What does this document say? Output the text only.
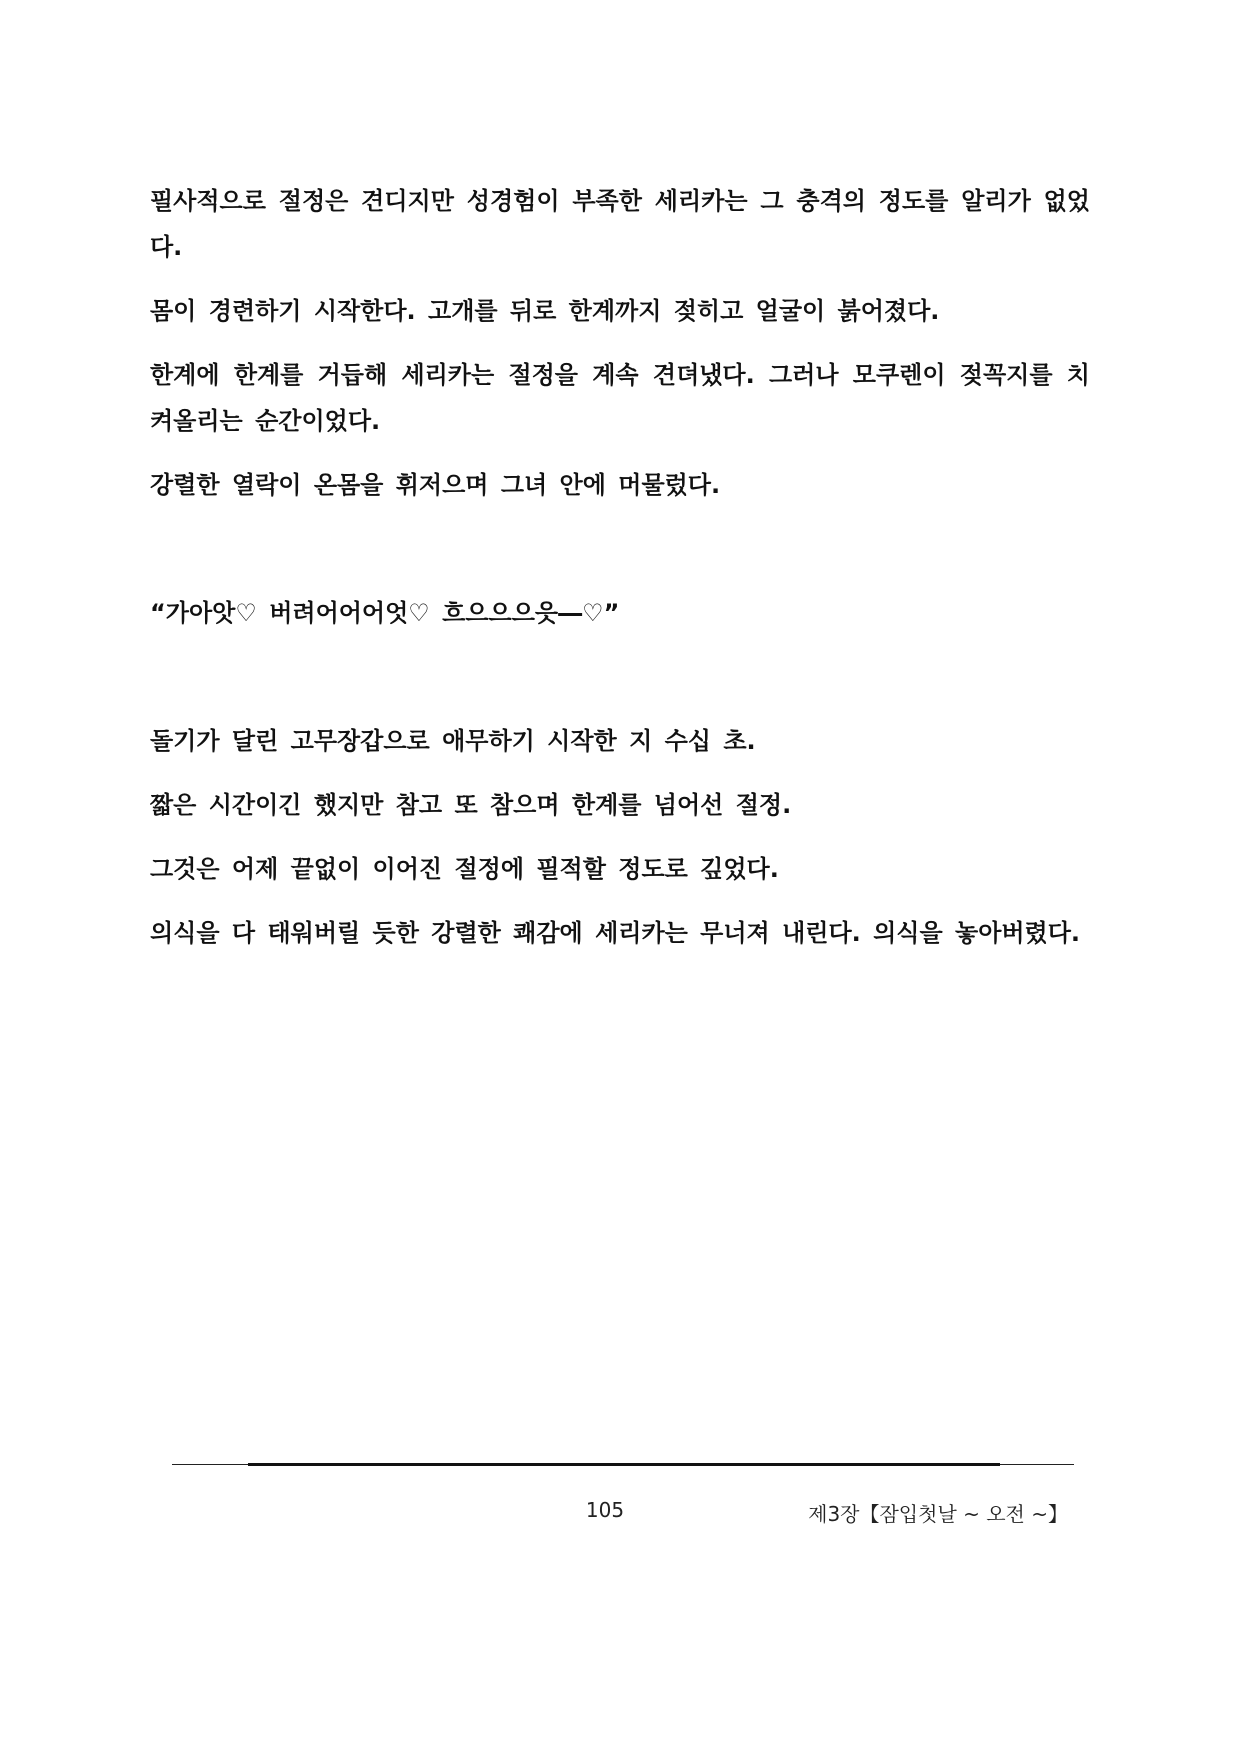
필사적으로 절정은 견디지만 성경험이 부족한 세리카는 그 충격의 정도를 알리가 없었다.

몸이 경련하기 시작한다. 고개를 뒤로 한계까지 젖히고 얼굴이 붉어졌다.

한계에 한계를 거듭해 세리카는 절정을 계속 견뎌냈다. 그러나 모쿠렌이 젖꼭지를 치켜올리는 순간이었다.

강렬한 열락이 온몸을 휘저으며 그녀 안에 머물렀다.

“가아앗♡ 버려어어어엇♡ 흐으으으읏―♡”

돌기가 달린 고무장갑으로 애무하기 시작한 지 수십 초.

짧은 시간이긴 했지만 참고 또 참으며 한계를 넘어선 절정.

그것은 어제 끝없이 이어진 절정에 필적할 정도로 깊었다.

의식을 다 태워버릴 듯한 강렬한 쾌감에 세리카는 무너져 내린다. 의식을 놓아버렸다.

105	제3장【잠입첫날 ~ 오전 ~】
